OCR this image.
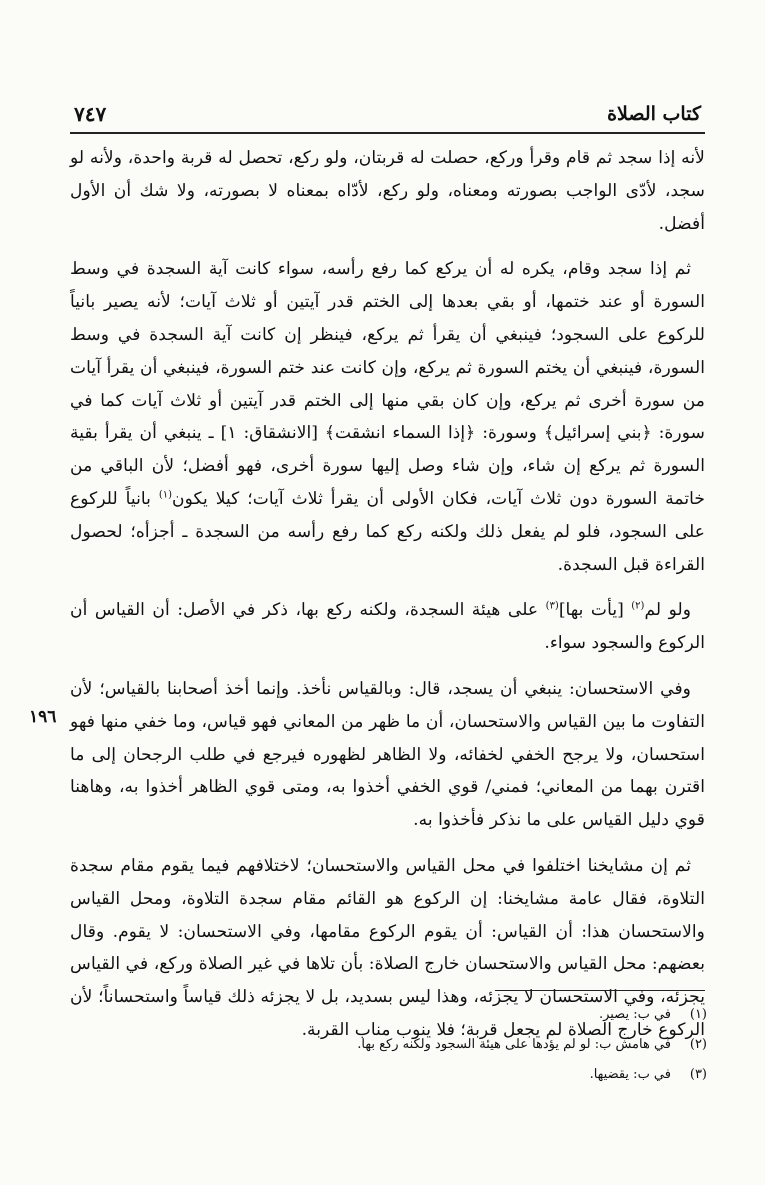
كتاب الصلاة
٧٤٧

لأنه إذا سجد ثم قام وقرأ وركع، حصلت له قربتان، ولو ركع، تحصل له قربة واحدة، ولأنه لو سجد، لأدّى الواجب بصورته ومعناه، ولو ركع، لأدّاه بمعناه لا بصورته، ولا شك أن الأول أفضل.

ثم إذا سجد وقام، يكره له أن يركع كما رفع رأسه، سواء كانت آية السجدة في وسط السورة أو عند ختمها، أو بقي بعدها إلى الختم قدر آيتين أو ثلاث آيات؛ لأنه يصير بانياً للركوع على السجود؛ فينبغي أن يقرأ ثم يركع، فينظر إن كانت آية السجدة في وسط السورة، فينبغي أن يختم السورة ثم يركع، وإن كانت عند ختم السورة، فينبغي أن يقرأ آيات من سورة أخرى ثم يركع، وإن كان بقي منها إلى الختم قدر آيتين أو ثلاث آيات كما في سورة: ﴿بني إسرائيل﴾ وسورة: ﴿إذا السماء انشقت﴾ [الانشقاق: ١] ـ ينبغي أن يقرأ بقية السورة ثم يركع إن شاء، وإن شاء وصل إليها سورة أخرى، فهو أفضل؛ لأن الباقي من خاتمة السورة دون ثلاث آيات، فكان الأولى أن يقرأ ثلاث آيات؛ كيلا يكون$^{(١)}$ بانياً للركوع على السجود، فلو لم يفعل ذلك ولكنه ركع كما رفع رأسه من السجدة ـ أجزأه؛ لحصول القراءة قبل السجدة.

ولو لم$^{(٢)}$ [يأت بها]$^{(٣)}$ على هيئة السجدة، ولكنه ركع بها، ذكر في الأصل: أن القياس أن الركوع والسجود سواء.

وفي الاستحسان: ينبغي أن يسجد، قال: وبالقياس نأخذ. وإنما أخذ أصحابنا بالقياس؛ لأن التفاوت ما بين القياس والاستحسان، أن ما ظهر من المعاني فهو قياس، وما خفي منها فهو استحسان، ولا يرجح الخفي لخفائه، ولا الظاهر لظهوره فيرجع في طلب الرجحان إلى ما اقترن بهما من المعاني؛ فمني/ قوي الخفي أخذوا به، ومتى قوي الظاهر أخذوا به، وهاهنا قوي دليل القياس على ما نذكر فأخذوا به.

ثم إن مشايخنا اختلفوا في محل القياس والاستحسان؛ لاختلافهم فيما يقوم مقام سجدة التلاوة، فقال عامة مشايخنا: إن الركوع هو القائم مقام سجدة التلاوة، ومحل القياس والاستحسان هذا: أن القياس: أن يقوم الركوع مقامها، وفي الاستحسان: لا يقوم. وقال بعضهم: محل القياس والاستحسان خارج الصلاة: بأن تلاها في غير الصلاة وركع، في القياس يجزئه، وفي الاستحسان لا يجزئه، وهذا ليس بسديد، بل لا يجزئه ذلك قياساً واستحساناً؛ لأن الركوع خارج الصلاة لم يجعل قربة؛ فلا ينوب مناب القربة.

١٩٦
(١)
في ب: يصير.
(٢)
في هامش ب: لو لم يؤدها على هيئة السجود ولكنه ركع بها.
(٣)
في ب: يقضيها.
